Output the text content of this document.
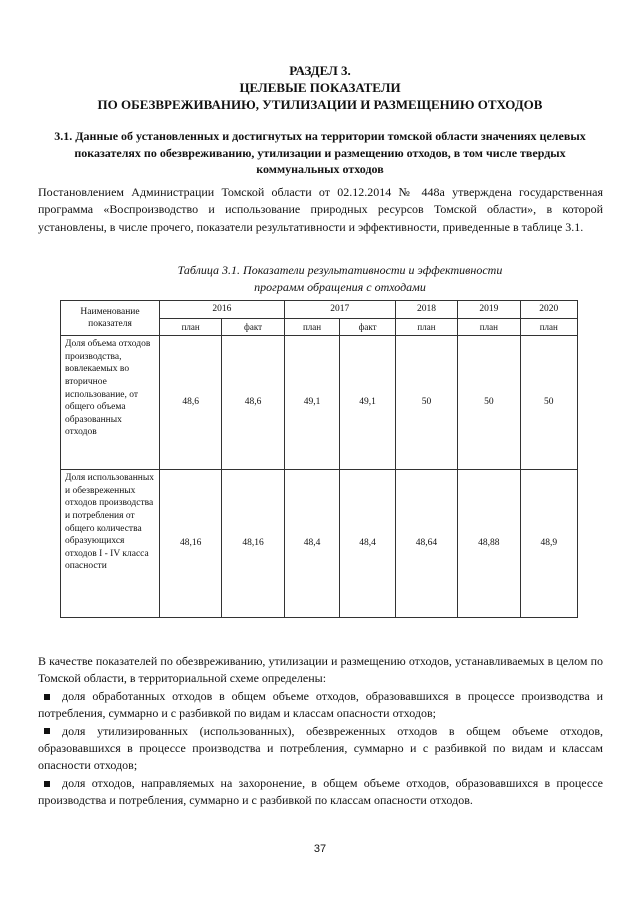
РАЗДЕЛ 3.
ЦЕЛЕВЫЕ ПОКАЗАТЕЛИ
ПО ОБЕЗВРЕЖИВАНИЮ, УТИЛИЗАЦИИ И РАЗМЕЩЕНИЮ ОТХОДОВ
3.1. Данные об установленных и достигнутых на территории томской области значениях целевых показателях по обезвреживанию, утилизации и размещению отходов, в том числе твердых коммунальных отходов
Постановлением Администрации Томской области от 02.12.2014 № 448а утверждена государственная программа «Воспроизводство и использование природных ресурсов Томской области», в которой установлены, в числе прочего, показатели результативности и эффективности, приведенные в таблице 3.1.
Таблица 3.1. Показатели результативности и эффективности
программ обращения с отходами
Наименование показателя	2016		2017		2018	2019	2020
	план	факт	план	факт	план	план	план
Доля объема отходов производства, вовлекаемых во вторичное использование, от общего объема образованных отходов	48,6	48,6	49,1	49,1	50	50	50
Доля использованных и обезвреженных отходов производства и потребления от общего количества образующихся отходов I - IV класса опасности	48,16	48,16	48,4	48,4	48,64	48,88	48,9
В качестве показателей по обезвреживанию, утилизации и размещению отходов, устанавливаемых в целом по Томской области, в территориальной схеме определены:
доля обработанных отходов в общем объеме отходов, образовавшихся в процессе производства и потребления, суммарно и с разбивкой по видам и классам опасности отходов;
доля утилизированных (использованных), обезвреженных отходов в общем объеме отходов, образовавшихся в процессе производства и потребления, суммарно и с разбивкой по видам и классам опасности отходов;
доля отходов, направляемых на захоронение, в общем объеме отходов, образовавшихся в процессе производства и потребления, суммарно и с разбивкой по классам опасности отходов.
37
